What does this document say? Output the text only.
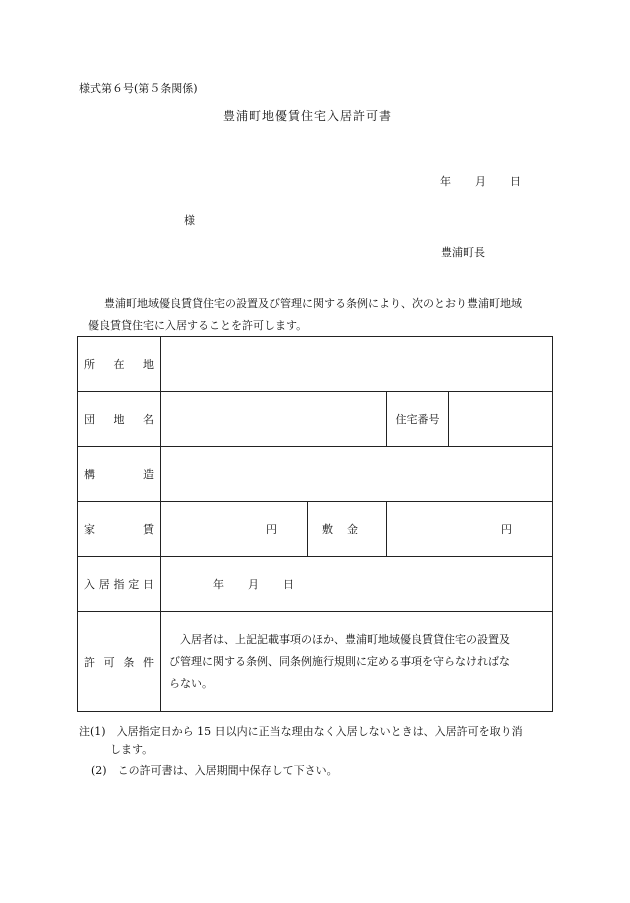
様式第６号(第５条関係)
豊浦町地優賃住宅入居許可書
年 月 日
様
豊浦町長
豊浦町地域優良賃貸住宅の設置及び管理に関する条例により、次のとおり豊浦町地域
優良賃貸住宅に入居することを許可します。
所 在 地				

団 地 名			住宅番号	

構 造				

家 賃	円	敷金	円	

入 居 指 定 日	年 月 日			

許 可 条 件	入居者は、上記記載事項のほか、豊浦町地域優良賃貸住宅の設置及
び管理に関する条例、同条例施行規則に定める事項を守らなければな
らない。			
注(1)　入居指定日から 15 日以内に正当な理由なく入居しないときは、入居許可を取り消
します。
(2)　この許可書は、入居期間中保存して下さい。
